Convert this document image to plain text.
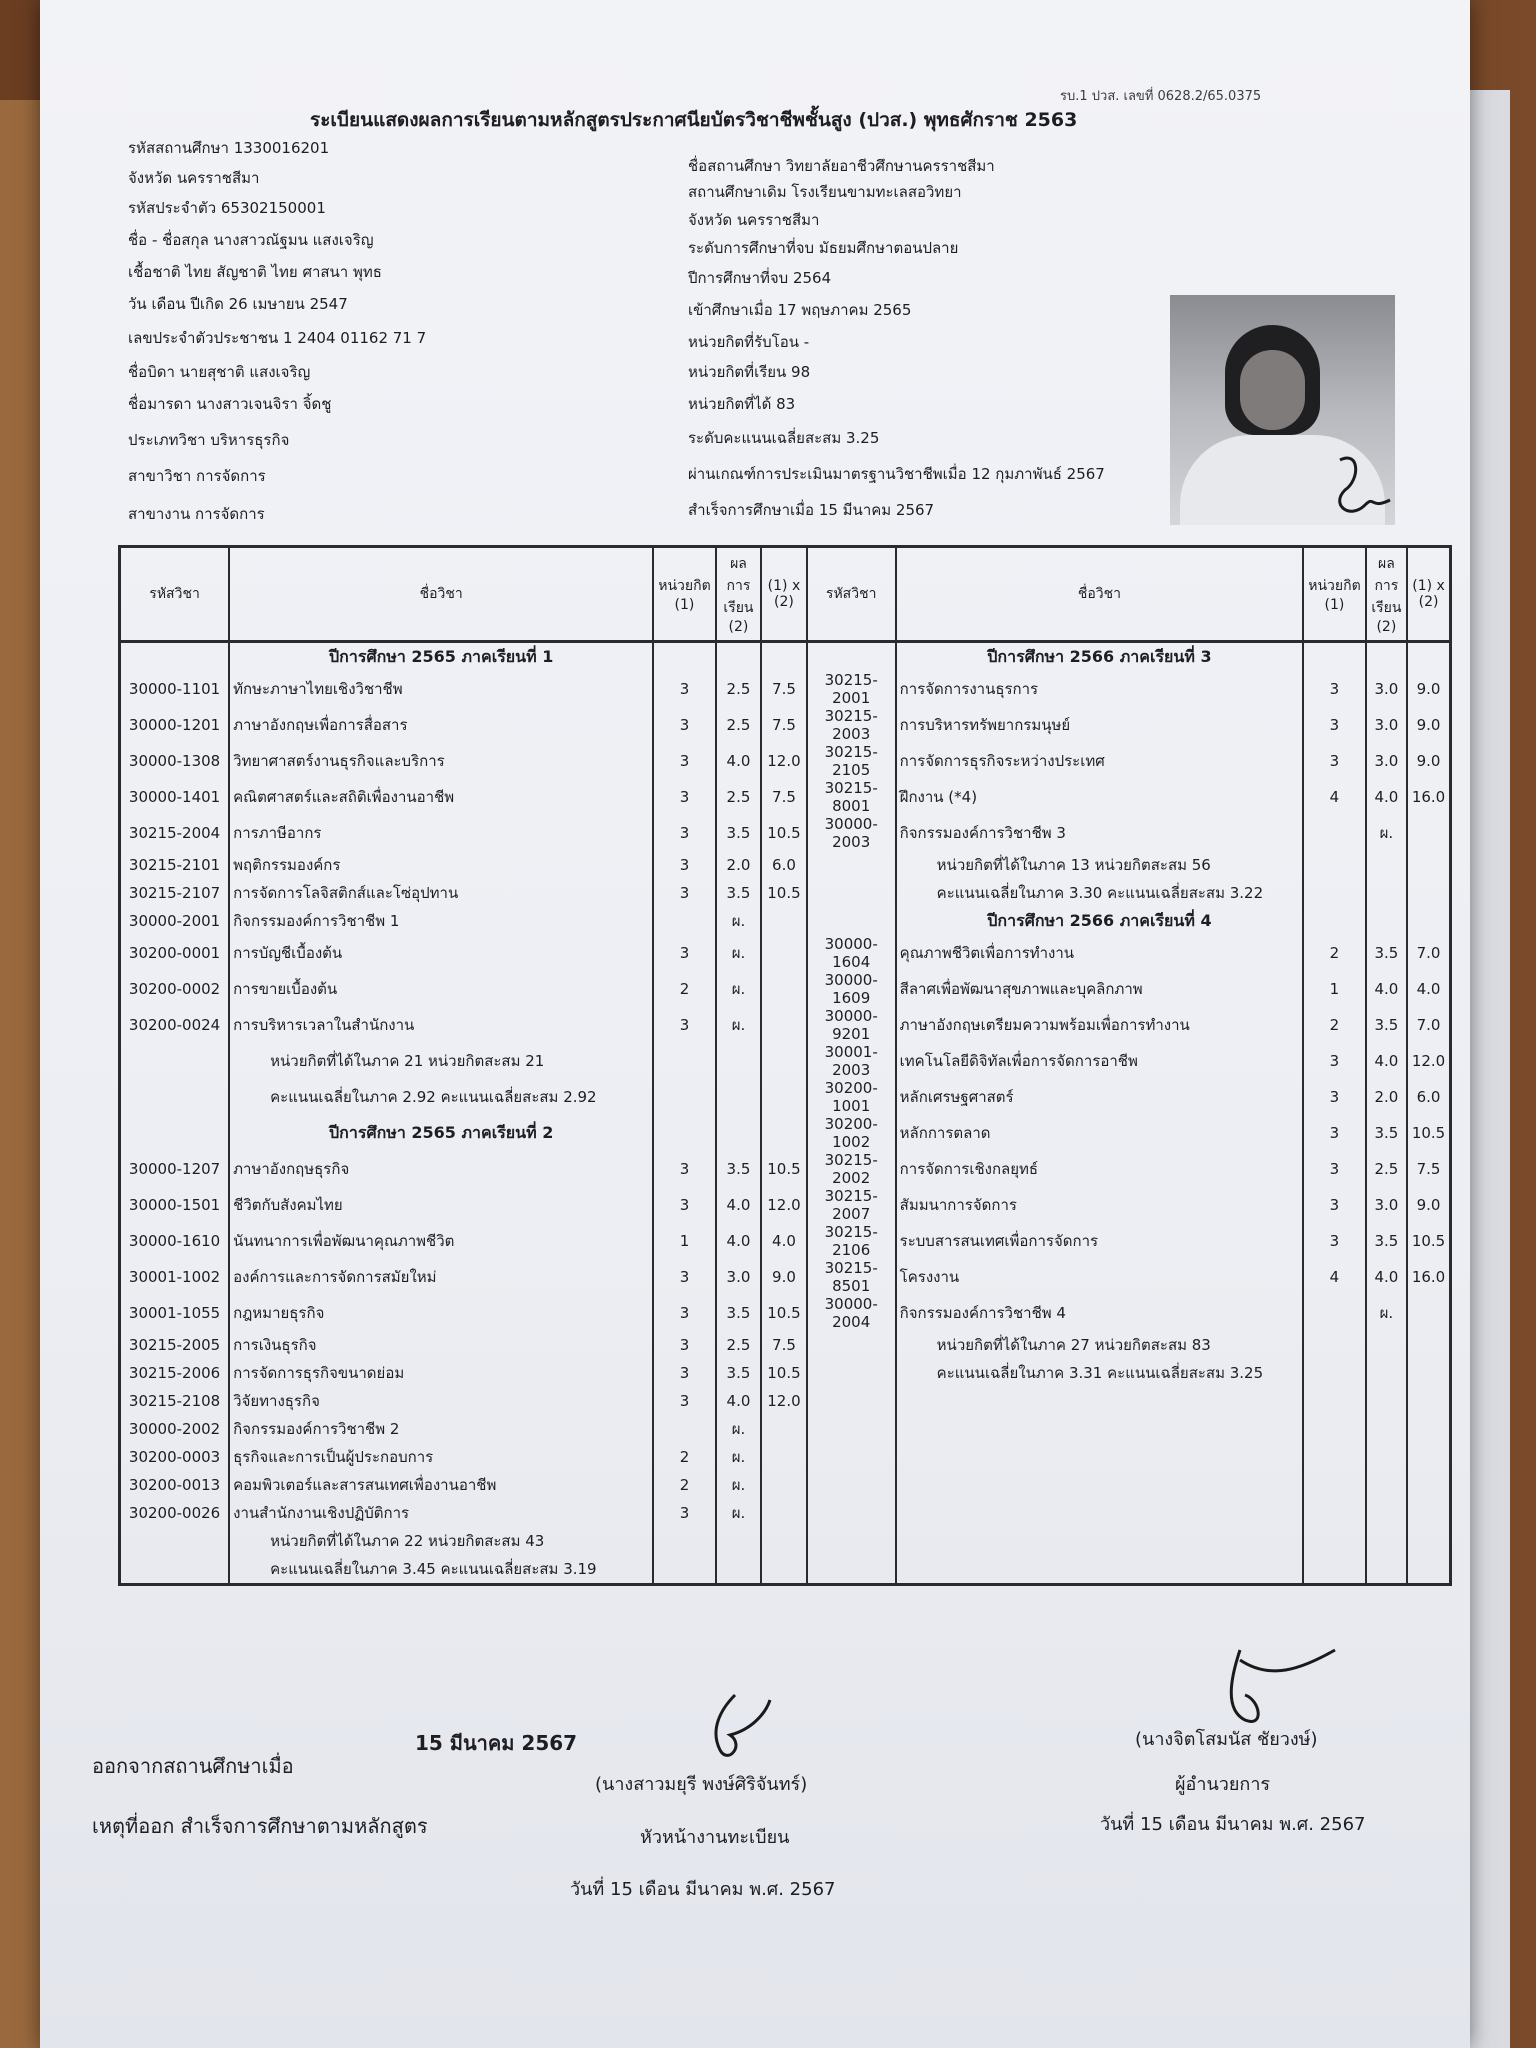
รบ.1 ปวส. เลขที่ 0628.2/65.0375
ระเบียนแสดงผลการเรียนตามหลักสูตรประกาศนียบัตรวิชาชีพชั้นสูง (ปวส.) พุทธศักราช 2563
รหัสสถานศึกษา 1330016201
จังหวัด นครราชสีมา
รหัสประจำตัว 65302150001
ชื่อ - ชื่อสกุล นางสาวณัฐมน แสงเจริญ
เชื้อชาติ ไทย สัญชาติ ไทย ศาสนา พุทธ
วัน เดือน ปีเกิด 26 เมษายน 2547
เลขประจำตัวประชาชน 1 2404 01162 71 7
ชื่อบิดา นายสุชาติ แสงเจริญ
ชื่อมารดา นางสาวเจนจิรา จิ้ดชู
ประเภทวิชา บริหารธุรกิจ
สาขาวิชา การจัดการ
สาขางาน การจัดการ
ชื่อสถานศึกษา วิทยาลัยอาชีวศึกษานครราชสีมา
สถานศึกษาเดิม โรงเรียนขามทะเลสอวิทยา
จังหวัด นครราชสีมา
ระดับการศึกษาที่จบ มัธยมศึกษาตอนปลาย
ปีการศึกษาที่จบ 2564
เข้าศึกษาเมื่อ 17 พฤษภาคม 2565
หน่วยกิตที่รับโอน -
หน่วยกิตที่เรียน 98
หน่วยกิตที่ได้ 83
ระดับคะแนนเฉลี่ยสะสม 3.25
ผ่านเกณฑ์การประเมินมาตรฐานวิชาชีพเมื่อ 12 กุมภาพันธ์ 2567
สำเร็จการศึกษาเมื่อ 15 มีนาคม 2567
รหัสวิชา	ชื่อวิชา	หน่วยกิต (1)	ผลการเรียน (2)	(1) x (2)	รหัสวิชา	ชื่อวิชา	หน่วยกิต (1)	ผลการเรียน (2)	(1) x (2)
	ปีการศึกษา 2565 ภาคเรียนที่ 1					ปีการศึกษา 2566 ภาคเรียนที่ 3			
30000-1101	ทักษะภาษาไทยเชิงวิชาชีพ	3	2.5	7.5	30215-2001	การจัดการงานธุรการ	3	3.0	9.0
30000-1201	ภาษาอังกฤษเพื่อการสื่อสาร	3	2.5	7.5	30215-2003	การบริหารทรัพยากรมนุษย์	3	3.0	9.0
30000-1308	วิทยาศาสตร์งานธุรกิจและบริการ	3	4.0	12.0	30215-2105	การจัดการธุรกิจระหว่างประเทศ	3	3.0	9.0
30000-1401	คณิตศาสตร์และสถิติเพื่องานอาชีพ	3	2.5	7.5	30215-8001	ฝึกงาน (*4)	4	4.0	16.0
30215-2004	การภาษีอากร	3	3.5	10.5	30000-2003	กิจกรรมองค์การวิชาชีพ 3		ผ.	
30215-2101	พฤติกรรมองค์กร	3	2.0	6.0		หน่วยกิตที่ได้ในภาค 13 หน่วยกิตสะสม 56			
30215-2107	การจัดการโลจิสติกส์และโซ่อุปทาน	3	3.5	10.5		คะแนนเฉลี่ยในภาค 3.30 คะแนนเฉลี่ยสะสม 3.22			
30000-2001	กิจกรรมองค์การวิชาชีพ 1		ผ.			ปีการศึกษา 2566 ภาคเรียนที่ 4			
30200-0001	การบัญชีเบื้องต้น	3	ผ.		30000-1604	คุณภาพชีวิตเพื่อการทำงาน	2	3.5	7.0
30200-0002	การขายเบื้องต้น	2	ผ.		30000-1609	สีลาศเพื่อพัฒนาสุขภาพและบุคลิกภาพ	1	4.0	4.0
30200-0024	การบริหารเวลาในสำนักงาน	3	ผ.		30000-9201	ภาษาอังกฤษเตรียมความพร้อมเพื่อการทำงาน	2	3.5	7.0
	หน่วยกิตที่ได้ในภาค 21 หน่วยกิตสะสม 21				30001-2003	เทคโนโลยีดิจิทัลเพื่อการจัดการอาชีพ	3	4.0	12.0
	คะแนนเฉลี่ยในภาค 2.92 คะแนนเฉลี่ยสะสม 2.92				30200-1001	หลักเศรษฐศาสตร์	3	2.0	6.0
	ปีการศึกษา 2565 ภาคเรียนที่ 2				30200-1002	หลักการตลาด	3	3.5	10.5
30000-1207	ภาษาอังกฤษธุรกิจ	3	3.5	10.5	30215-2002	การจัดการเชิงกลยุทธ์	3	2.5	7.5
30000-1501	ชีวิตกับสังคมไทย	3	4.0	12.0	30215-2007	สัมมนาการจัดการ	3	3.0	9.0
30000-1610	นันทนาการเพื่อพัฒนาคุณภาพชีวิต	1	4.0	4.0	30215-2106	ระบบสารสนเทศเพื่อการจัดการ	3	3.5	10.5
30001-1002	องค์การและการจัดการสมัยใหม่	3	3.0	9.0	30215-8501	โครงงาน	4	4.0	16.0
30001-1055	กฎหมายธุรกิจ	3	3.5	10.5	30000-2004	กิจกรรมองค์การวิชาชีพ 4		ผ.	
30215-2005	การเงินธุรกิจ	3	2.5	7.5		หน่วยกิตที่ได้ในภาค 27 หน่วยกิตสะสม 83			
30215-2006	การจัดการธุรกิจขนาดย่อม	3	3.5	10.5		คะแนนเฉลี่ยในภาค 3.31 คะแนนเฉลี่ยสะสม 3.25			
30215-2108	วิจัยทางธุรกิจ	3	4.0	12.0					
30000-2002	กิจกรรมองค์การวิชาชีพ 2		ผ.						
30200-0003	ธุรกิจและการเป็นผู้ประกอบการ	2	ผ.						
30200-0013	คอมพิวเตอร์และสารสนเทศเพื่องานอาชีพ	2	ผ.						
30200-0026	งานสำนักงานเชิงปฏิบัติการ	3	ผ.						
	หน่วยกิตที่ได้ในภาค 22 หน่วยกิตสะสม 43								
	คะแนนเฉลี่ยในภาค 3.45 คะแนนเฉลี่ยสะสม 3.19								
ออกจากสถานศึกษาเมื่อ
15 มีนาคม 2567
เหตุที่ออก สำเร็จการศึกษาตามหลักสูตร
(นางสาวมยุรี พงษ์ศิริจันทร์)
หัวหน้างานทะเบียน
วันที่ 15 เดือน มีนาคม พ.ศ. 2567
(นางจิตโสมนัส ชัยวงษ์)
ผู้อำนวยการ
วันที่ 15 เดือน มีนาคม พ.ศ. 2567
